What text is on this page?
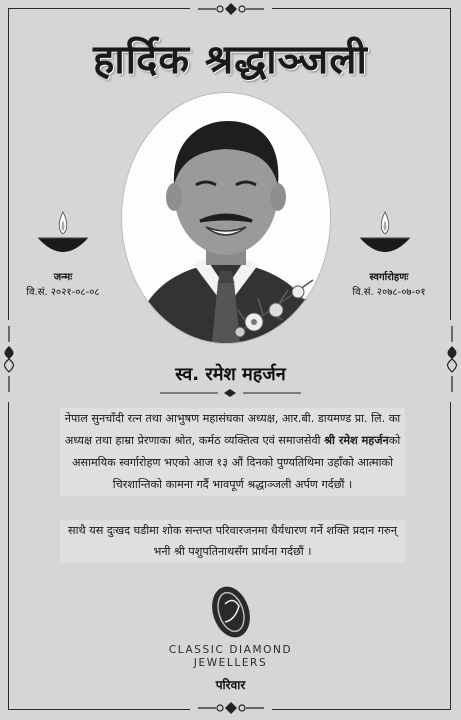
हार्दिक श्रद्धाञ्जली
जन्मः
वि.सं. २०२१-०८-०८
स्वर्गारोहणः
वि.सं. २०७८-०७-०१
स्व. रमेश महर्जन
नेपाल सुनचाँदी रत्न तथा आभुषण महासंघका अध्यक्ष, आर.बी. डायमण्ड प्रा. लि. का अध्यक्ष तथा हाम्रा प्रेरणाका श्रोत, कर्मठ व्यक्तित्व एवं समाजसेवी श्री रमेश महर्जनको असामयिक स्वर्गारोहण भएको आज १३ औं दिनको पुण्यतिथिमा उहाँको आत्माको चिरशान्तिको कामना गर्दै भावपूर्ण श्रद्धाञ्जली अर्पण गर्दछौं ।
साथै यस दुःखद घडीमा शोक सन्तप्त परिवारजनमा धैर्यधारण गर्ने शक्ति प्रदान गरुन् भनी श्री पशुपतिनाथसँग प्रार्थना गर्दछौं ।
CLASSIC DIAMOND
JEWELLERS
परिवार
